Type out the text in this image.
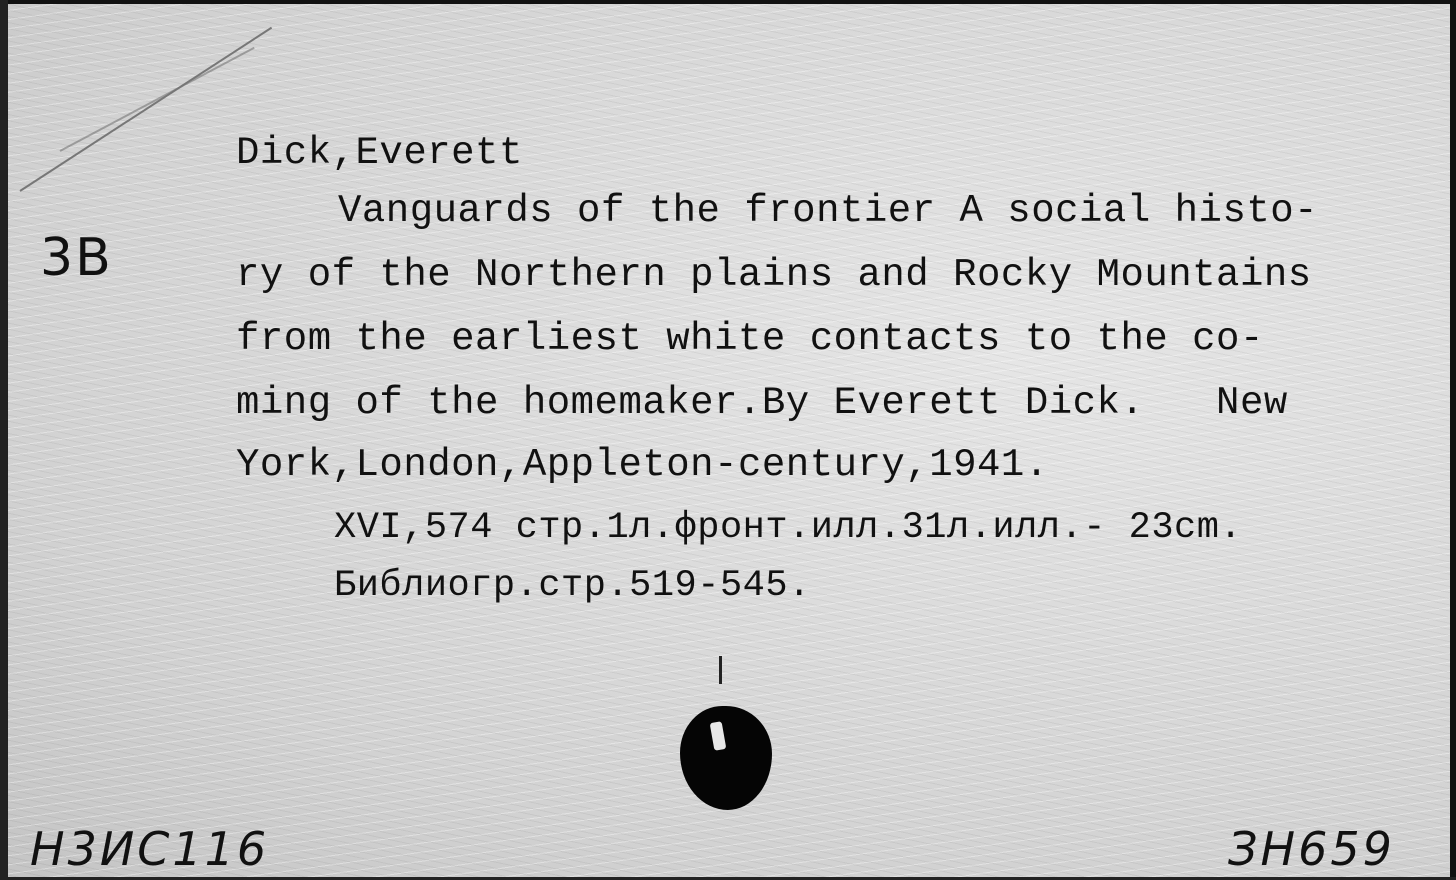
3B
Dick,Everett
Vanguards of the frontier A social histo-
ry of the Northern plains and Rocky Mountains
from the earliest white contacts to the co-
ming of the homemaker.By Everett Dick.   New
York,London,Appleton-century,1941.
XVI,574 стр.1л.фронт.илл.31л.илл.- 23cm.
Библиогр.стр.519-545.
Н3ИС116	ЗН659
